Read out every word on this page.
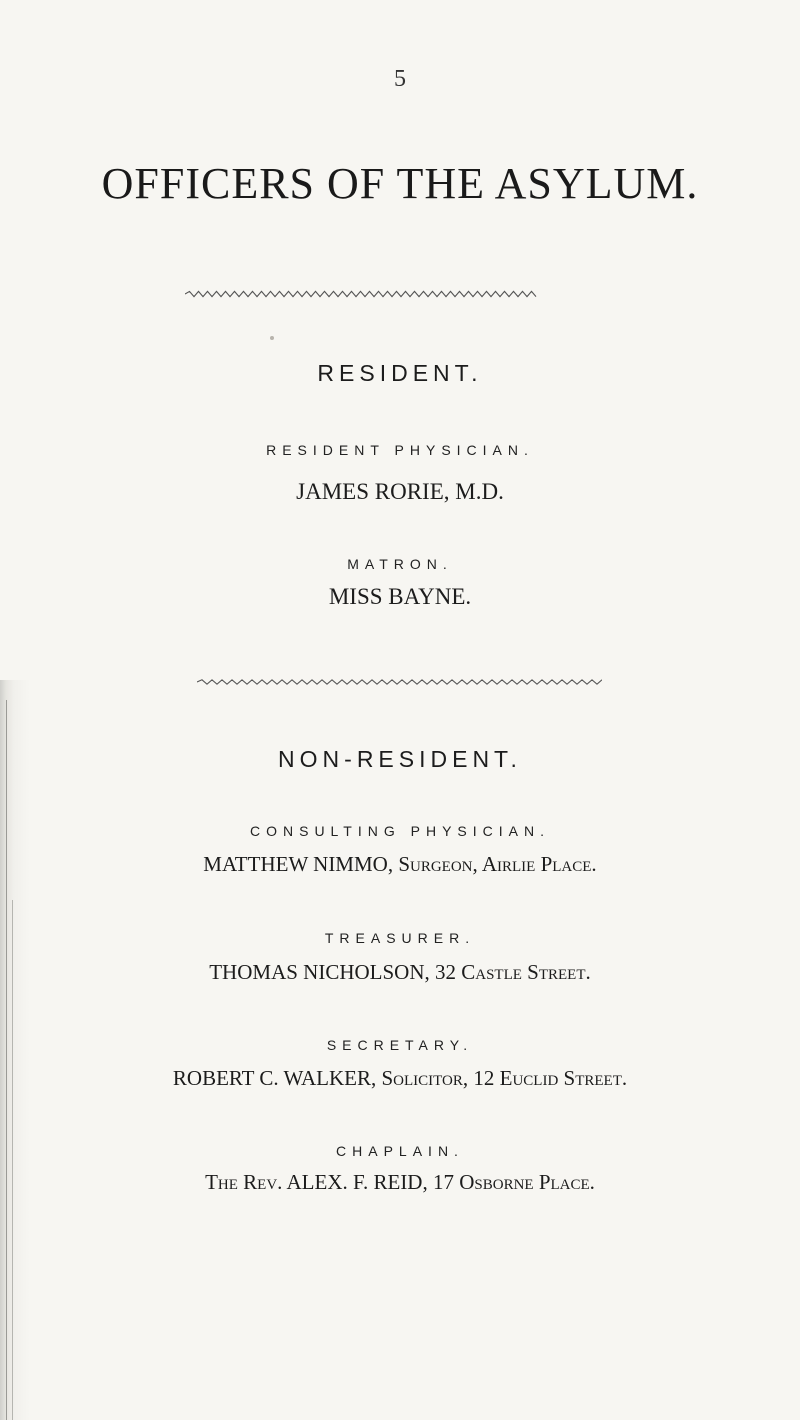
5
OFFICERS OF THE ASYLUM.
RESIDENT.
RESIDENT PHYSICIAN.
JAMES RORIE, M.D.
MATRON.
MISS BAYNE.
NON-RESIDENT.
CONSULTING PHYSICIAN.
MATTHEW NIMMO, Surgeon, Airlie Place.
TREASURER.
THOMAS NICHOLSON, 32 Castle Street.
SECRETARY.
ROBERT C. WALKER, Solicitor, 12 Euclid Street.
CHAPLAIN.
The Rev. ALEX. F. REID, 17 Osborne Place.
